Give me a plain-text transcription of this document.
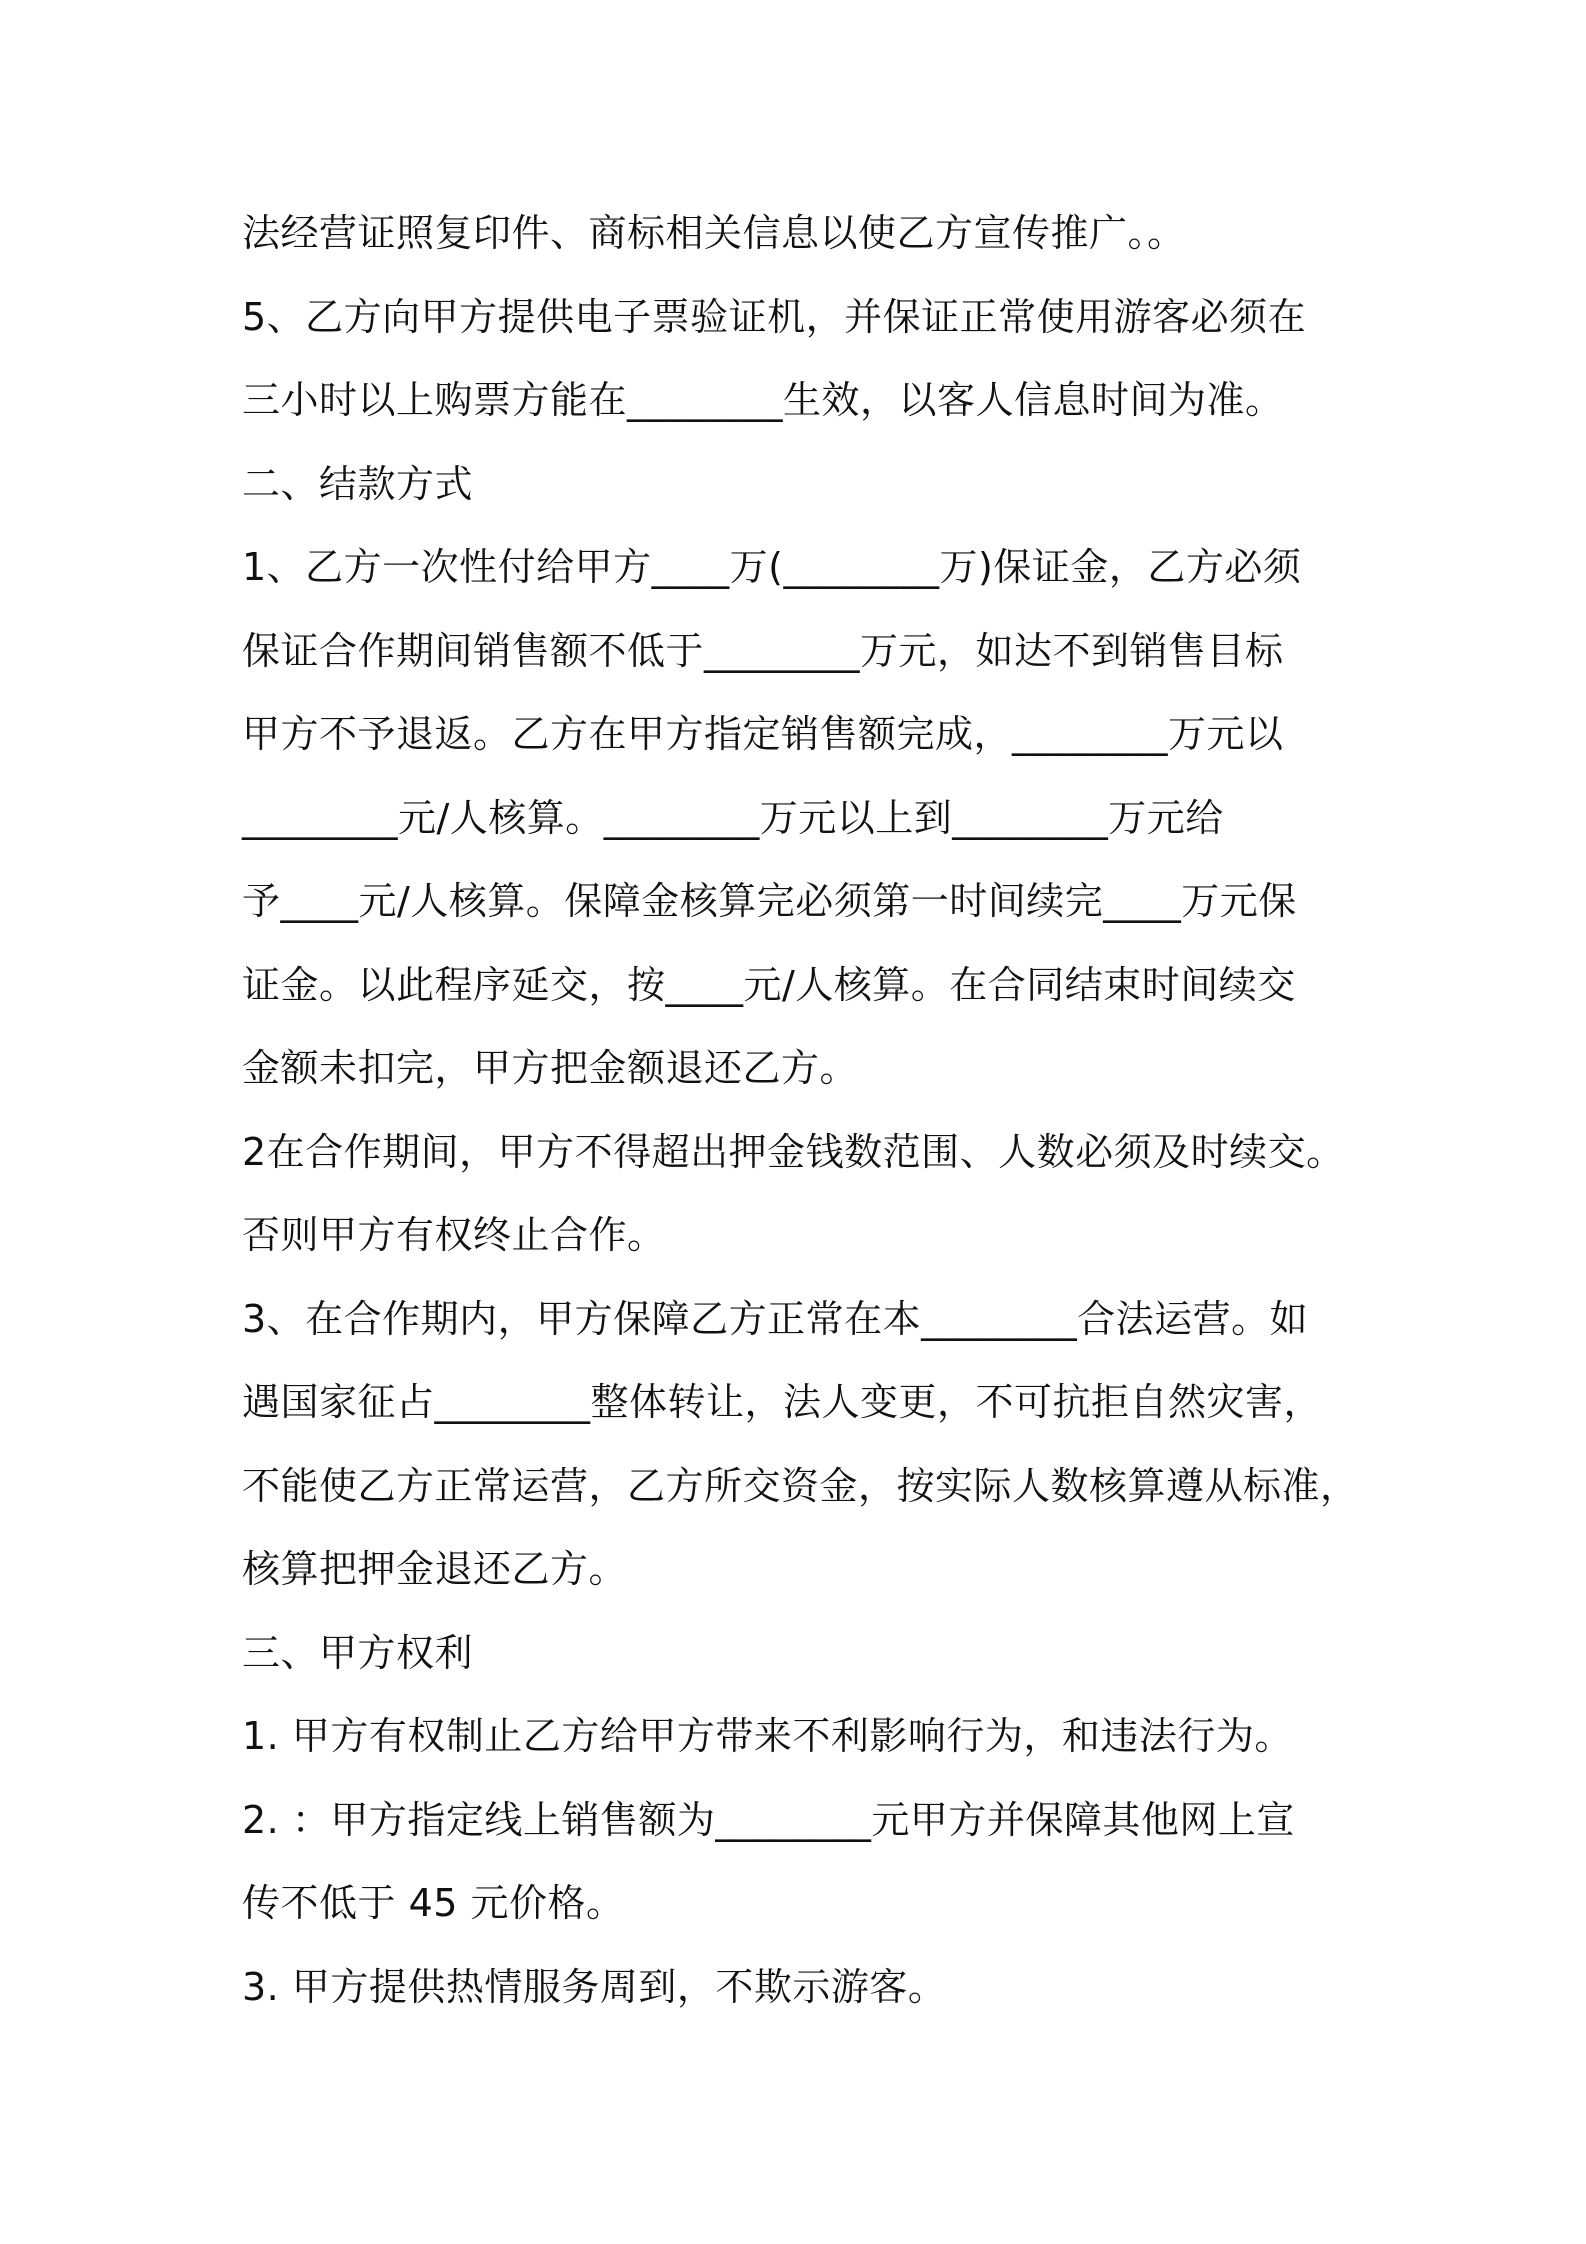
法经营证照复印件、商标相关信息以使乙方宣传推广。。
5、乙方向甲方提供电子票验证机，并保证正常使用游客必须在
三小时以上购票方能在________生效，以客人信息时间为准。
二、结款方式
1、乙方一次性付给甲方____万(________万)保证金，乙方必须
保证合作期间销售额不低于________万元，如达不到销售目标
甲方不予退返。乙方在甲方指定销售额完成，________万元以
________元/人核算。________万元以上到________万元给
予____元/人核算。保障金核算完必须第一时间续完____万元保
证金。以此程序延交，按____元/人核算。在合同结束时间续交
金额未扣完，甲方把金额退还乙方。
2在合作期间，甲方不得超出押金钱数范围、人数必须及时续交。
否则甲方有权终止合作。
3、在合作期内，甲方保障乙方正常在本________合法运营。如
遇国家征占________整体转让，法人变更，不可抗拒自然灾害，
不能使乙方正常运营，乙方所交资金，按实际人数核算遵从标准，
核算把押金退还乙方。
三、甲方权利
1. 甲方有权制止乙方给甲方带来不利影响行为，和违法行为。
2. ：甲方指定线上销售额为________元甲方并保障其他网上宣
传不低于 45 元价格。
3. 甲方提供热情服务周到，不欺示游客。
